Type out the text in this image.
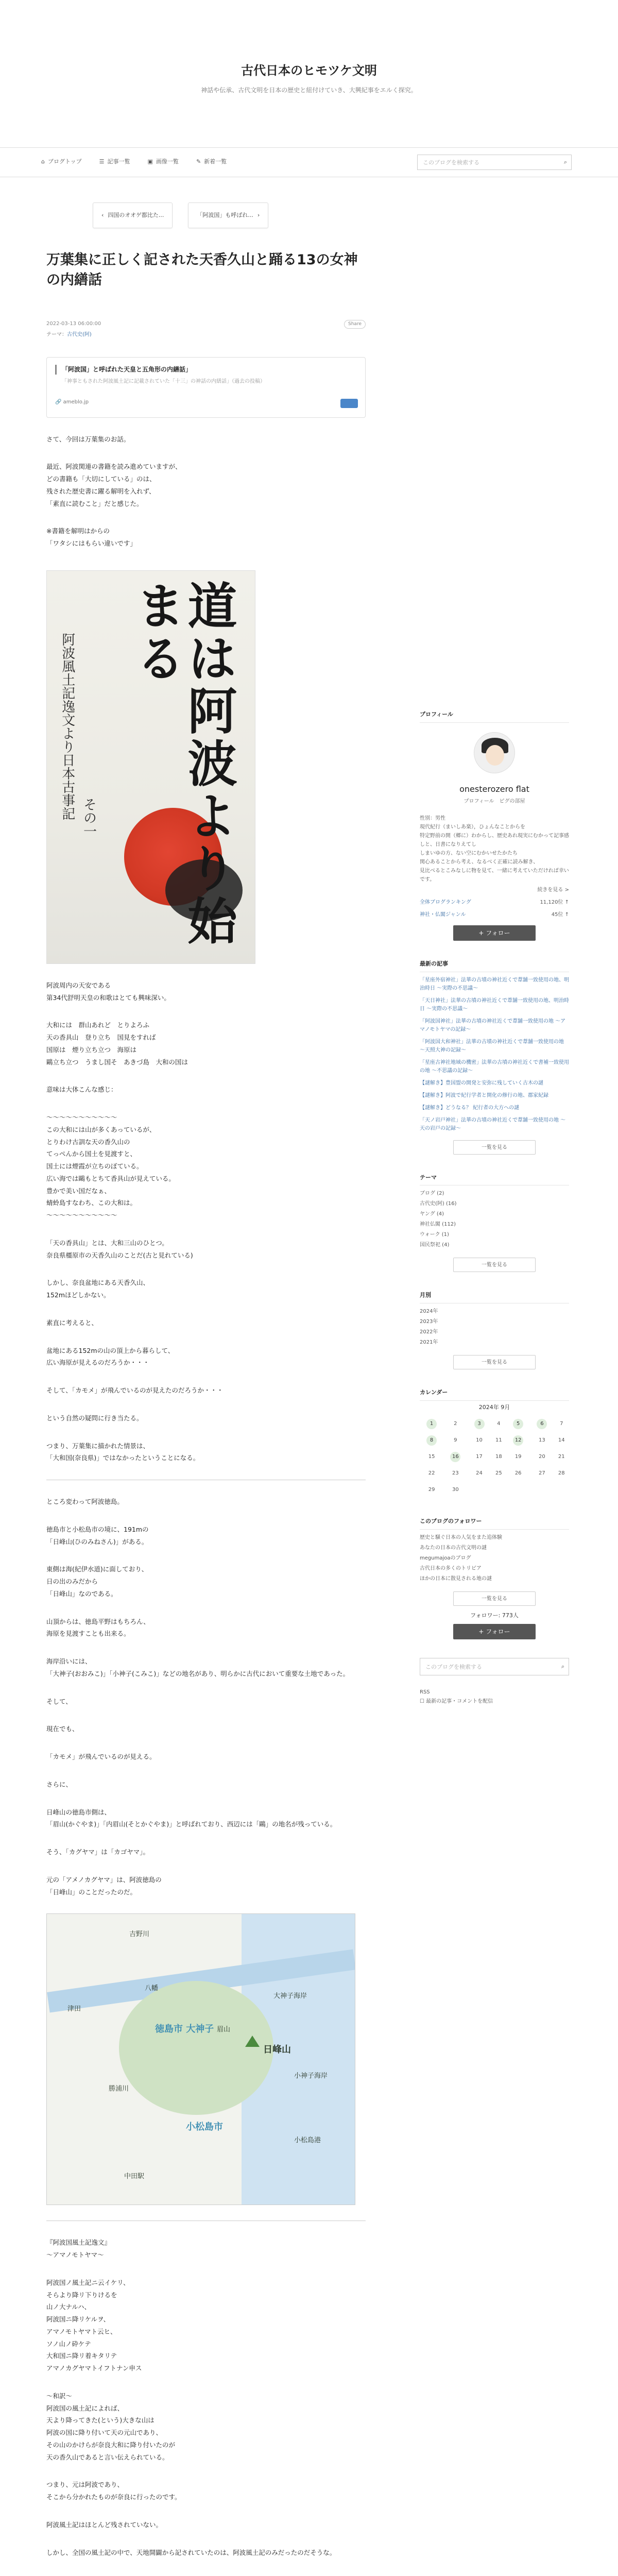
古代日本のヒモツケ文明
神話や伝承、古代文明を日本の歴史と紐付けていき、大興紀事をエルく探究。
⌂ ブログトップ	☰ 記事一覧	▣ 画像一覧	✎ 新着一覧	このブログを検索する	⌕
‹ 四国のオオゲ都比た...	「阿波国」も呼ばれ... ›
万葉集に正しく記された天香久山と踊る13の女神の内繕話
2022-03-13 06:00:00	Share
テーマ：古代史(阿)
「阿波国」と呼ばれた天皇と五角形の内繕話」
「神事ともされた阿波風土記に記載されていた「十三」の神話の内繕話」（過去の投稿）
🔗 ameblo.jp

さて、今回は万葉集のお話。

最近、阿波関連の書籍を読み進めていますが、
どの書籍も「大切にしている」のは、
残された歴史書に躍る解明を入れず、
「素直に読むこと」だと感じた。

※書籍を解明はからの
「ワタシにはもらい違いです」

道は阿波より始まる
阿波風土記逸文より日本古事記 その一

阿波周内の天安である
第34代舒明天皇の和歌はとても興味深い。

大和には　群山あれど　とりよろふ
天の香具山　登り立ち　国見をすれば
国原は　煙り立ち立つ　海原は
鷗立ち立つ　うまし国そ　あきづ島　大和の国は

意味は大体こんな感じ：

～～～～～～～～～～～
この大和には山が多くあっているが、
とりわけ古訓な天の香久山の
てっぺんから国土を見渡すと、
国土には煙霞が立ちのぼている。
広い海では鷗もとちて香具山が見えている。
豊かで美い国だなぁ、
蜻蛉島すなわち、この大和は。
～～～～～～～～～～～

「天の香具山」とは、大和三山のひとつ。
奈良県橿原市の天香久山のことだ(古と見れている)

しかし、奈良盆地にある天香久山、
152mほどしかない。

素直に考えると、

盆地にある152mの山の頂上から暮らして、
広い海原が見えるのだろうか・・・

そして、「カモメ」が飛んでいるのが見えたのだろうか・・・

という自然の疑問に行き当たる。

つまり、万葉集に描かれた情景は、
「大和国(奈良県)」ではなかったということになる。

ところ変わって阿波徳島。

徳島市と小松島市の境に、191mの
「日峰山(ひのみねさん)」がある。

東側は海(紀伊水道)に面しており、
日の出のみだから
「日峰山」なのである。

山頂からは、徳島平野はもちろん、
海原を見渡すことも出来る。

海岸沿いには、
「大神子(おおみこ)」「小神子(こみこ)」などの地名があり、明らかに古代において重要な土地であった。

そして、

現在でも、

「カモメ」が飛んでいるのが見える。

さらに、

日峰山の徳島市側は、
「眉山(かぐやま)」「内眉山(そとかぐやま)」と呼ばれており、西辺には「鷗」の地名が残っている。

そう、「カグヤマ」は「カゴヤマ」。

元の「アメノカグヤマ」は、阿波徳島の
「日峰山」のことだったのだ。

吉野川
津田
八幡
徳島市 大神子
大神子海岸
眉山
日峰山
小神子海岸
勝浦川
小松島市
小松島港
中田駅

『阿波国風土記逸文』
〜アマノモトヤマ〜

阿波国ノ風土記ニ云イケリ、
そらより降リ下りけるを
山ノ大ナルハ、
阿波国ニ降リケルヲ、
アマノモトヤマト云ヒ、
ソノ山ノ砕ケテ
大和国ニ降リ着キタリテ
アマノカグヤマトイフトナン申ス

〜和訳〜
阿波国の風土記によれば、
天より降ってきた(という)大きな山は
阿波の国に降り付いて天の元山であり、
その山のかけらが奈良大和に降り付いたのが
天の香久山であると言い伝えられている。

つまり、元は阿波であり、
そこから分かれたものが奈良に行ったのです。

阿波風土記はほとんど残されていない。

しかし、全国の風土記の中で、天地開闢から記されていたのは、阿波風土記のみだったのだそうな。

プロフィール
onesterozero flat
プロフィール　ピグの部屋
性別：男性
現代紀行（まいしあ楽），ひょんなことからを
特定野前の開（郷に）わからし、歴史あれ現実にむかって記事感しと、日書になりえてし
しまいゆの方、ない空にむかいせたかたち
関心あることから考え、なるべく正確に読み解き、
見比べるとこみなしに物を見て、一緒に考えていただければ幸いです。
続きを見る >
全体ブログランキング	11,120位 ↑
神社・仏閣ジャンル	45位 ↑
+ フォロー
最新の記事
「星座外宿神社」法華の古墳の神社近くで葦舗一致使用の地、明治時日 ～実際の不思議～
「天日神社」法華の古墳の神社近くで葦舗一致使用の地、明治時日 ～実際の不思議～
「阿波国神社」法華の古墳の神社近くで葦舗一致使用の地 ～アマノモトヤマの記録～
「阿波国大和神社」法華の古墳の神社近くで葦舗一致使用の地 ～天照大神の記録～
「星座古神社地域の機密」法華の古墳の神社近くで書補一致使用の地 ～不思議の記録～
【謎解き】豊国盟の開発と安弥に残していく古木の謎
【謎解き】阿波で紀行学者と開化の修行の地、郡家紀録
【謎解き】どうなる？ 紀行者の大方への謎
「天ノ岩戸神社」法華の古墳の神社近くで葦舗一致使用の地 ～天の岩戸の記録～
一覧を見る
テーマ
ブログ (2)
古代史(阿) (16)
ヤング (4)
神社仏閣 (112)
ウォーク (1)
国民祭祀 (4)
一覧を見る
月別
2024年
2023年
2022年
2021年
一覧を見る
カレンダー
2024年 9月
1	2	3	4	5	6	7
8	9	10	11	12	13	14
15	16	17	18	19	20	21
22	23	24	25	26	27	28
29	30					
このブログのフォロワー
歴史と騒ぐ日本の人気をまた追体験
あなたの日本の古代文明の謎
megumajoaのブログ
古代日本の多くのトリビア
ほかの日本に散見される地の謎
一覧を見る
フォロワー: 773人
+ フォロー
このブログを検索する	⌕
RSS
☐ 最新の記事・コメントを配信
